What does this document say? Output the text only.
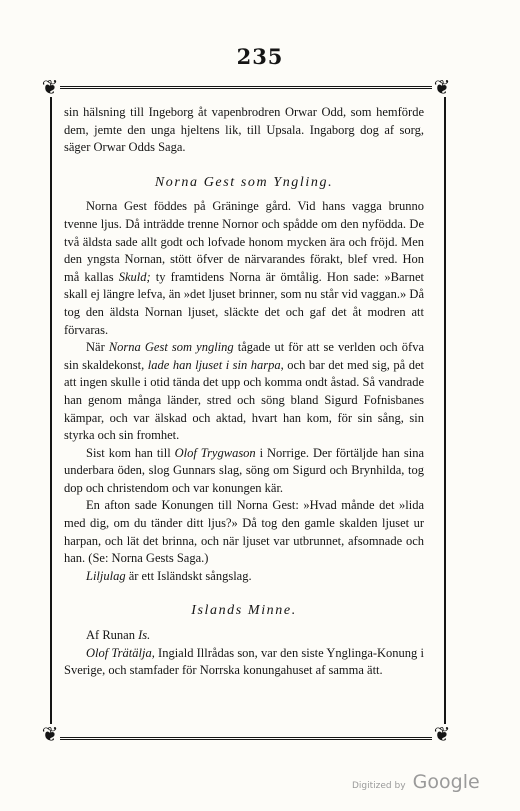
235
❦	❦
❦	❦

sin hälsning till Ingeborg åt vapenbrodren Orwar Odd, som hemförde dem, jemte den unga hjeltens lik, till Upsala. Ingaborg dog af sorg, säger Orwar Odds Saga.

Norna Gest som Yngling.

Norna Gest föddes på Gräninge gård. Vid hans vagga brunno tvenne ljus. Då inträdde trenne Nornor och spådde om den nyfödda. De två äldsta sade allt godt och lofvade honom mycken ära och fröjd. Men den yngsta Nornan, stött öfver de närvarandes förakt, blef vred. Hon må kallas Skuld; ty framtidens Norna är ömtålig. Hon sade: »Barnet skall ej längre lefva, än »det ljuset brinner, som nu står vid vaggan.» Då tog den äldsta Nornan ljuset, släckte det och gaf det åt modren att förvaras.

När Norna Gest som yngling tågade ut för att se verlden och öfva sin skaldekonst, lade han ljuset i sin harpa, och bar det med sig, på det att ingen skulle i otid tända det upp och komma ondt åstad. Så vandrade han genom många länder, stred och söng bland Sigurd Fofnisbanes kämpar, och var älskad och aktad, hvart han kom, för sin sång, sin styrka och sin fromhet.

Sist kom han till Olof Trygwason i Norrige. Der förtäljde han sina underbara öden, slog Gunnars slag, söng om Sigurd och Brynhilda, tog dop och christendom och var konungen kär.

En afton sade Konungen till Norna Gest: »Hvad månde det »lida med dig, om du tänder ditt ljus?» Då tog den gamle skalden ljuset ur harpan, och lät det brinna, och när ljuset var utbrunnet, afsomnade och han. (Se: Norna Gests Saga.)

Liljulag är ett Isländskt sångslag.

Islands Minne.

Af Runan Is.

Olof Trätälja, Ingiald Illrådas son, var den siste Ynglinga-Konung i Sverige, och stamfader för Norrska konungahuset af samma ätt.

Digitized by Google
